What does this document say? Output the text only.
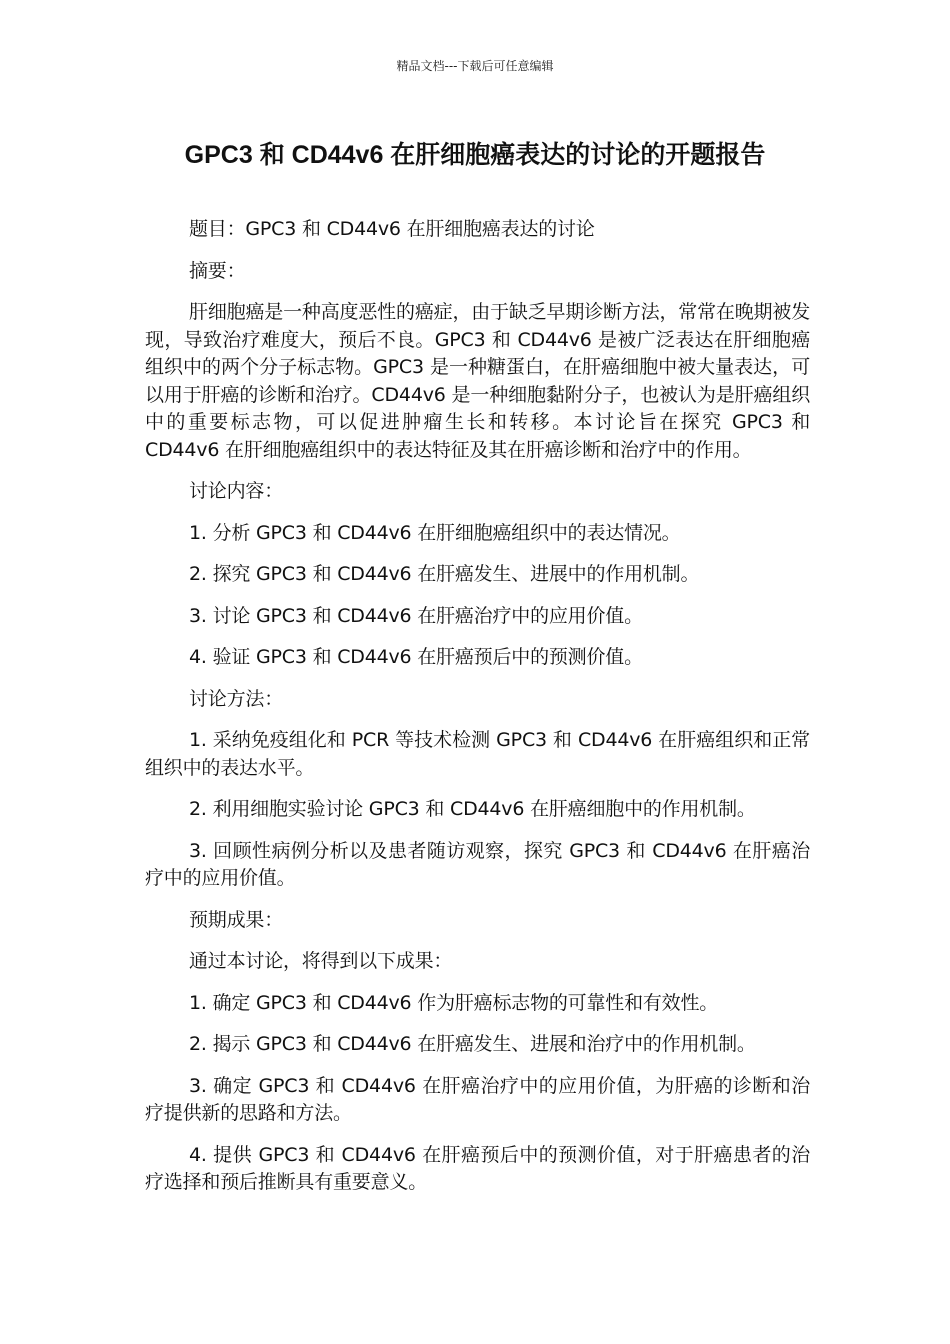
精品文档---下载后可任意编辑
GPC3 和 CD44v6 在肝细胞癌表达的讨论的开题报告

题目：GPC3 和 CD44v6 在肝细胞癌表达的讨论

摘要：

肝细胞癌是一种高度恶性的癌症，由于缺乏早期诊断方法，常常在晚期被发现，导致治疗难度大，预后不良。GPC3 和 CD44v6 是被广泛表达在肝细胞癌组织中的两个分子标志物。GPC3 是一种糖蛋白，在肝癌细胞中被大量表达，可以用于肝癌的诊断和治疗。CD44v6 是一种细胞黏附分子，也被认为是肝癌组织中的重要标志物，可以促进肿瘤生长和转移。本讨论旨在探究 GPC3 和 CD44v6 在肝细胞癌组织中的表达特征及其在肝癌诊断和治疗中的作用。

讨论内容：

1. 分析 GPC3 和 CD44v6 在肝细胞癌组织中的表达情况。

2. 探究 GPC3 和 CD44v6 在肝癌发生、进展中的作用机制。

3. 讨论 GPC3 和 CD44v6 在肝癌治疗中的应用价值。

4. 验证 GPC3 和 CD44v6 在肝癌预后中的预测价值。

讨论方法：

1. 采纳免疫组化和 PCR 等技术检测 GPC3 和 CD44v6 在肝癌组织和正常组织中的表达水平。

2. 利用细胞实验讨论 GPC3 和 CD44v6 在肝癌细胞中的作用机制。

3. 回顾性病例分析以及患者随访观察，探究 GPC3 和 CD44v6 在肝癌治疗中的应用价值。

预期成果：

通过本讨论，将得到以下成果：

1. 确定 GPC3 和 CD44v6 作为肝癌标志物的可靠性和有效性。

2. 揭示 GPC3 和 CD44v6 在肝癌发生、进展和治疗中的作用机制。

3. 确定 GPC3 和 CD44v6 在肝癌治疗中的应用价值，为肝癌的诊断和治疗提供新的思路和方法。

4. 提供 GPC3 和 CD44v6 在肝癌预后中的预测价值，对于肝癌患者的治疗选择和预后推断具有重要意义。
